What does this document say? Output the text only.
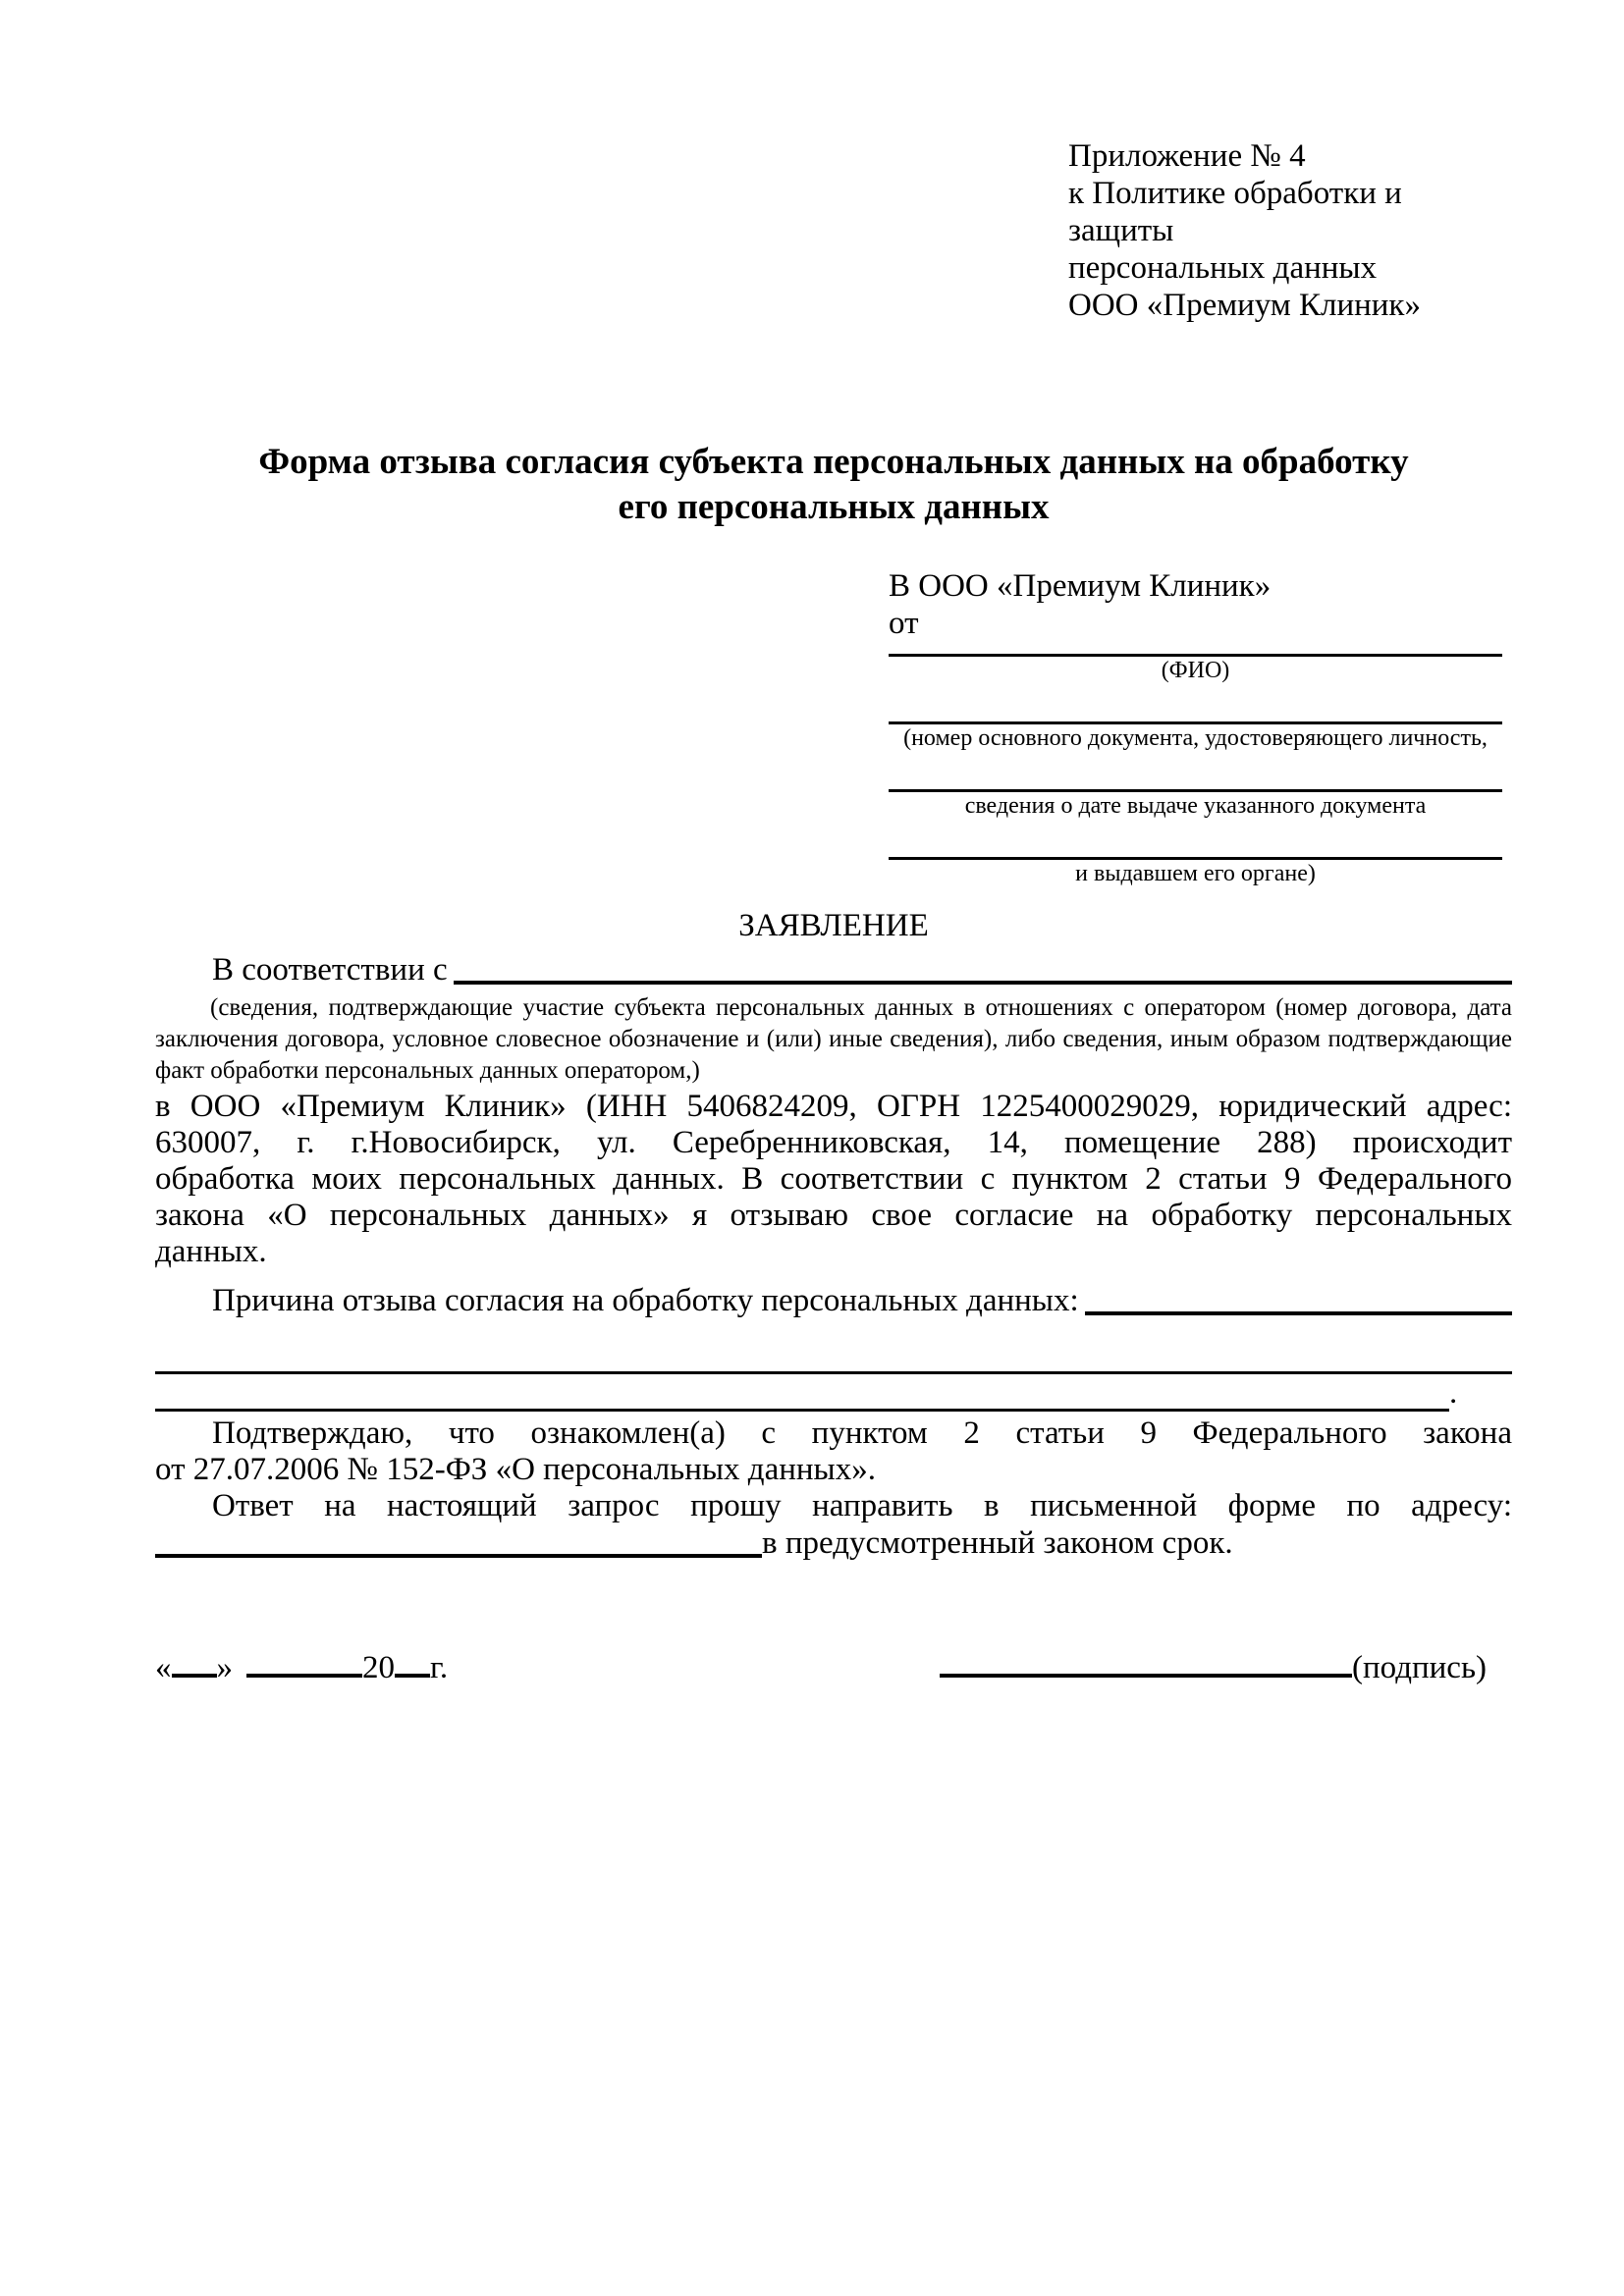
Приложение № 4
к Политике обработки и защиты
персональных данных
ООО «Премиум Клиник»
Форма отзыва согласия субъекта персональных данных на обработку
его персональных данных
В ООО «Премиум Клиник»
от
(ФИО)
(номер основного документа, удостоверяющего личность,
сведения о дате выдаче указанного документа
и выдавшем его органе)
ЗАЯВЛЕНИЕ
В соответствии с
(сведения, подтверждающие участие субъекта персональных данных в отношениях с оператором (номер договора, дата заключения договора, условное словесное обозначение и (или) иные сведения), либо сведения, иным образом подтверждающие факт обработки персональных данных оператором,)
в ООО «Премиум Клиник» (ИНН 5406824209, ОГРН 1225400029029, юридический адрес:
630007, г. г.Новосибирск, ул. Серебренниковская, 14, помещение 288) происходит
обработка моих персональных данных. В соответствии с пунктом 2 статьи 9 Федерального
закона «О персональных данных» я отзываю свое согласие на обработку персональных
данных.
Причина отзыва согласия на обработку персональных данных:
.
Подтверждаю, что ознакомлен(а) с пунктом 2 статьи 9 Федерального закона
от 27.07.2006 № 152-ФЗ «О персональных данных».
Ответ на настоящий запрос прошу направить в письменной форме по адресу:
в предусмотренный законом срок.
« »	20 г.	(подпись)
